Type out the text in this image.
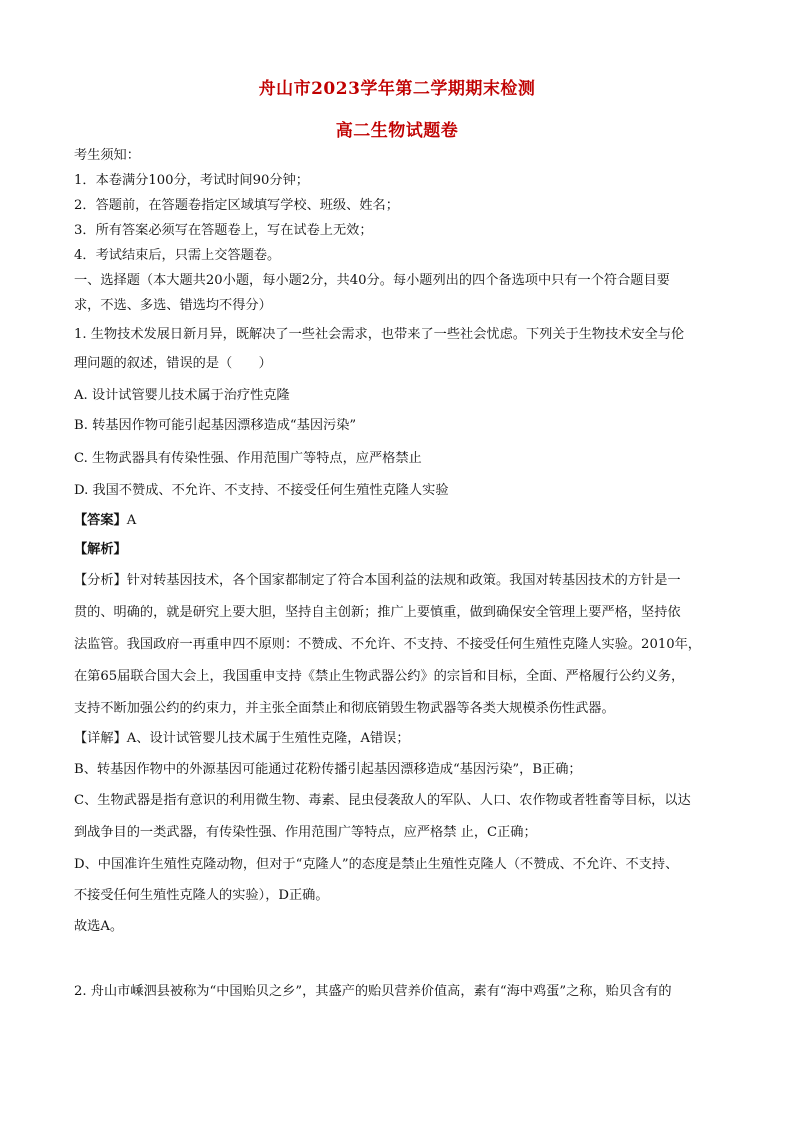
舟山市2023学年第二学期期末检测
高二生物试题卷
考生须知：
1．本卷满分100分，考试时间90分钟；
2．答题前，在答题卷指定区域填写学校、班级、姓名；
3．所有答案必须写在答题卷上，写在试卷上无效；
4．考试结束后，只需上交答题卷。
一、选择题（本大题共20小题，每小题2分，共40分。每小题列出的四个备选项中只有一个符合题目要
求，不选、多选、错选均不得分）
1. 生物技术发展日新月异，既解决了一些社会需求，也带来了一些社会忧虑。下列关于生物技术安全与伦
理问题的叙述，错误的是（　　）
A. 设计试管婴儿技术属于治疗性克隆
B. 转基因作物可能引起基因漂移造成“基因污染”
C. 生物武器具有传染性强、作用范围广等特点，应严格禁止
D. 我国不赞成、不允许、不支持、不接受任何生殖性克隆人实验
【答案】A
【解析】
【分析】针对转基因技术，各个国家都制定了符合本国利益的法规和政策。我国对转基因技术的方针是一
贯的、明确的，就是研究上要大胆，坚持自主创新；推广上要慎重，做到确保安全管理上要严格，坚持依
法监管。我国政府一再重申四不原则：不赞成、不允许、不支持、不接受任何生殖性克隆人实验。2010年，
在第65届联合国大会上，我国重申支持《禁止生物武器公约》的宗旨和目标，全面、严格履行公约义务，
支持不断加强公约的约束力，并主张全面禁止和彻底销毁生物武器等各类大规模杀伤性武器。
【详解】A、设计试管婴儿技术属于生殖性克隆，A错误；
B、转基因作物中的外源基因可能通过花粉传播引起基因漂移造成“基因污染”，B正确；
C、生物武器是指有意识的利用微生物、毒素、昆虫侵袭敌人的军队、人口、农作物或者牲畜等目标，以达
到战争目的一类武器，有传染性强、作用范围广等特点，应严格禁 止，C正确；
D、中国准许生殖性克隆动物，但对于“克隆人”的态度是禁止生殖性克隆人（不赞成、不允许、不支持、
不接受任何生殖性克隆人的实验），D正确。
故选A。
2. 舟山市嵊泗县被称为“中国贻贝之乡”，其盛产的贻贝营养价值高，素有“海中鸡蛋”之称，贻贝含有的
